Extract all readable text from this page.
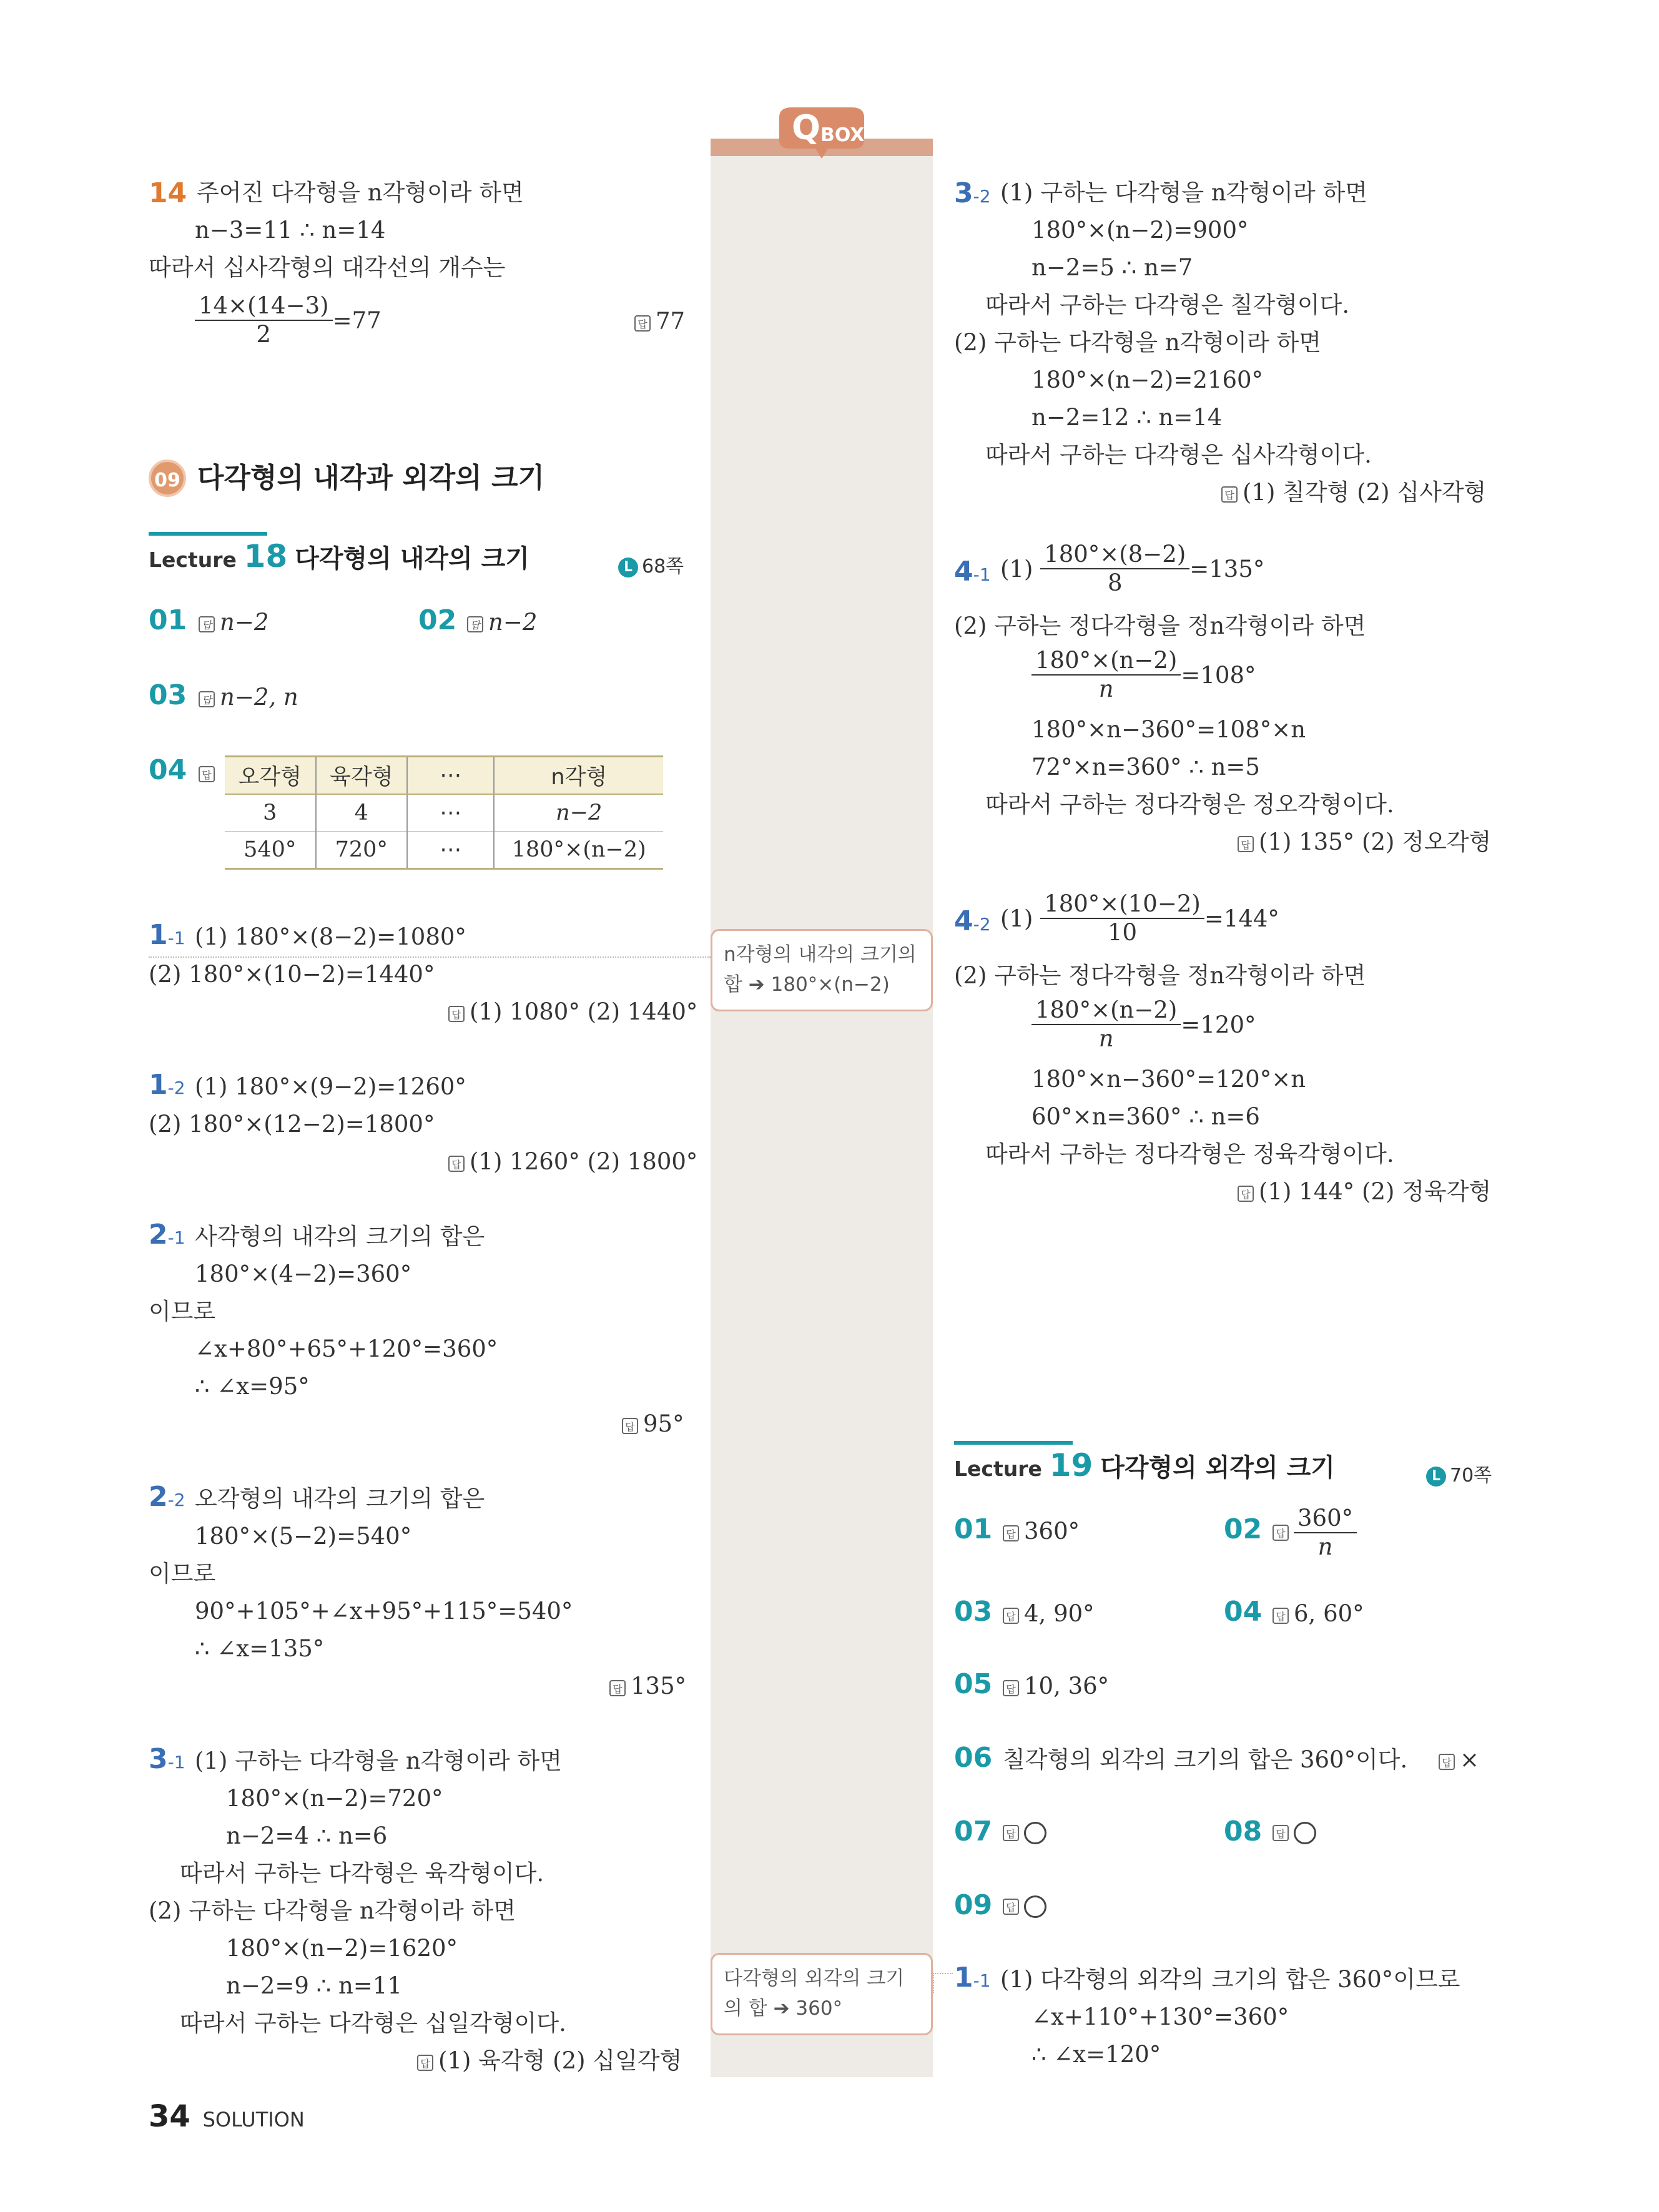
Q BOX
14 주어진 다각형을 n각형이라 하면
n−3=11 ∴ n=14
따라서 십사각형의 대각선의 개수는
$\frac{14\times(14-3)}{2} =77$	답 77
09 다각형의 내각과 외각의 크기
Lecture 18 다각형의 내각의 크기	L 68쪽
01	답 n−2	02	답 n−2
03	답 n−2, n
04	답	오각형	육각형	⋯	n각형
3	4	⋯	n−2
540°	720°	⋯	180°×(n−2)
1-1 (1) 180°×(8−2)=1080°
(2) 180°×(10−2)=1440°
답 (1) 1080° (2) 1440°
1-2 (1) 180°×(9−2)=1260°
(2) 180°×(12−2)=1800°
답 (1) 1260° (2) 1800°
2-1 사각형의 내각의 크기의 합은
180°×(4−2)=360°
이므로
∠x+80°+65°+120°=360°
∴ ∠x=95°
답 95°
2-2 오각형의 내각의 크기의 합은
180°×(5−2)=540°
이므로
90°+105°+∠x+95°+115°=540°
∴ ∠x=135°
답 135°
3-1 (1) 구하는 다각형을 n각형이라 하면
180°×(n−2)=720°
n−2=4 ∴ n=6
따라서 구하는 다각형은 육각형이다.
(2) 구하는 다각형을 n각형이라 하면
180°×(n−2)=1620°
n−2=9 ∴ n=11
따라서 구하는 다각형은 십일각형이다.
답 (1) 육각형 (2) 십일각형
n각형의 내각의 크기의
합 ➔ 180°×(n−2)
다각형의 외각의 크기
의 합 ➔ 360°
3-2 (1) 구하는 다각형을 n각형이라 하면
180°×(n−2)=900°
n−2=5 ∴ n=7
따라서 구하는 다각형은 칠각형이다.
(2) 구하는 다각형을 n각형이라 하면
180°×(n−2)=2160°
n−2=12 ∴ n=14
따라서 구하는 다각형은 십사각형이다.
답 (1) 칠각형 (2) 십사각형
4-1 $(1) \frac{180^\circ\times(8-2)}{8} =135^\circ$
(2) 구하는 정다각형을 정n각형이라 하면
$\frac{180^\circ\times(n-2)}{n} =108^\circ$
180°×n−360°=108°×n
72°×n=360° ∴ n=5
따라서 구하는 정다각형은 정오각형이다.
답 (1) 135° (2) 정오각형
4-2 $(1) \frac{180^\circ\times(10-2)}{10} =144^\circ$
(2) 구하는 정다각형을 정n각형이라 하면
$\frac{180^\circ\times(n-2)}{n} =120^\circ$
180°×n−360°=120°×n
60°×n=360° ∴ n=6
따라서 구하는 정다각형은 정육각형이다.
답 (1) 144° (2) 정육각형
Lecture 19 다각형의 외각의 크기	L 70쪽
01	답 360°	02	답 $\frac{360^\circ}{n}$
03	답 4, 90°	04	답 6, 60°
05	답 10, 36°
06 칠각형의 외각의 크기의 합은 360°이다.	답 ×
07	답	08	답
09	답
1-1 (1) 다각형의 외각의 크기의 합은 360°이므로
∠x+110°+130°=360°
∴ ∠x=120°
34 SOLUTION
